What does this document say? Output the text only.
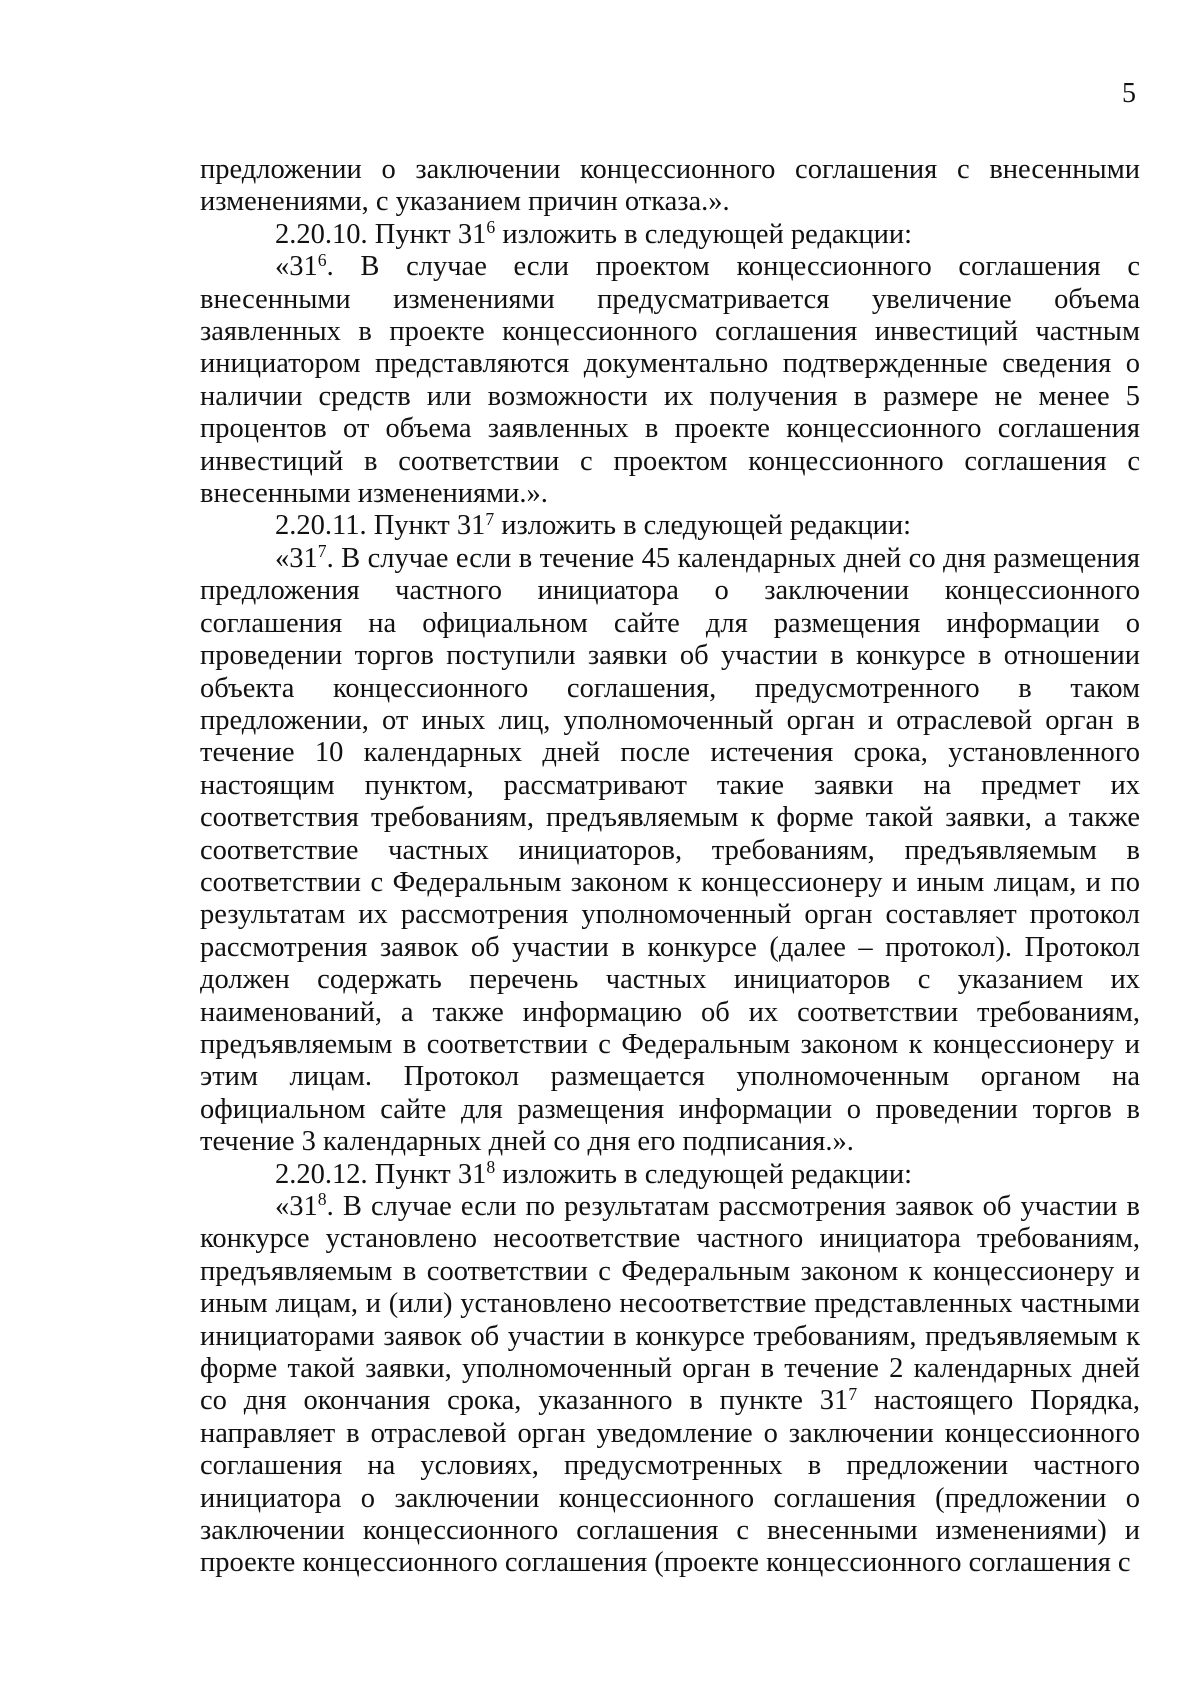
5

предложении о заключении концессионного соглашения с внесенными изменениями, с указанием причин отказа.».

2.20.10. Пункт $31^6$ изложить в следующей редакции:

«$31^6$. В случае если проектом концессионного соглашения с внесенными изменениями предусматривается увеличение объема заявленных в проекте концессионного соглашения инвестиций частным инициатором представляются документально подтвержденные сведения о наличии средств или возможности их получения в размере не менее 5 процентов от объема заявленных в проекте концессионного соглашения инвестиций в соответствии с проектом концессионного соглашения с внесенными изменениями.».

2.20.11. Пункт $31^7$ изложить в следующей редакции:

«$31^7$. В случае если в течение 45 календарных дней со дня размещения предложения частного инициатора о заключении концессионного соглашения на официальном сайте для размещения информации о проведении торгов поступили заявки об участии в конкурсе в отношении объекта концессионного соглашения, предусмотренного в таком предложении, от иных лиц, уполномоченный орган и отраслевой орган в течение 10 календарных дней после истечения срока, установленного настоящим пунктом, рассматривают такие заявки на предмет их соответствия требованиям, предъявляемым к форме такой заявки, а также соответствие частных инициаторов, требованиям, предъявляемым в соответствии с Федеральным законом к концессионеру и иным лицам, и по результатам их рассмотрения уполномоченный орган составляет протокол рассмотрения заявок об участии в конкурсе (далее – протокол). Протокол должен содержать перечень частных инициаторов с указанием их наименований, а также информацию об их соответствии требованиям, предъявляемым в соответствии с Федеральным законом к концессионеру и этим лицам. Протокол размещается уполномоченным органом на официальном сайте для размещения информации о проведении торгов в течение 3 календарных дней со дня его подписания.».

2.20.12. Пункт $31^8$ изложить в следующей редакции:

«$31^8$. В случае если по результатам рассмотрения заявок об участии в конкурсе установлено несоответствие частного инициатора требованиям, предъявляемым в соответствии с Федеральным законом к концессионеру и иным лицам, и (или) установлено несоответствие представленных частными инициаторами заявок об участии в конкурсе требованиям, предъявляемым к форме такой заявки, уполномоченный орган в течение 2 календарных дней со дня окончания срока, указанного в пункте $31^7$ настоящего Порядка, направляет в отраслевой орган уведомление о заключении концессионного соглашения на условиях, предусмотренных в предложении частного инициатора о заключении концессионного соглашения (предложении о заключении концессионного соглашения с внесенными изменениями) и проекте концессионного соглашения (проекте концессионного соглашения с
